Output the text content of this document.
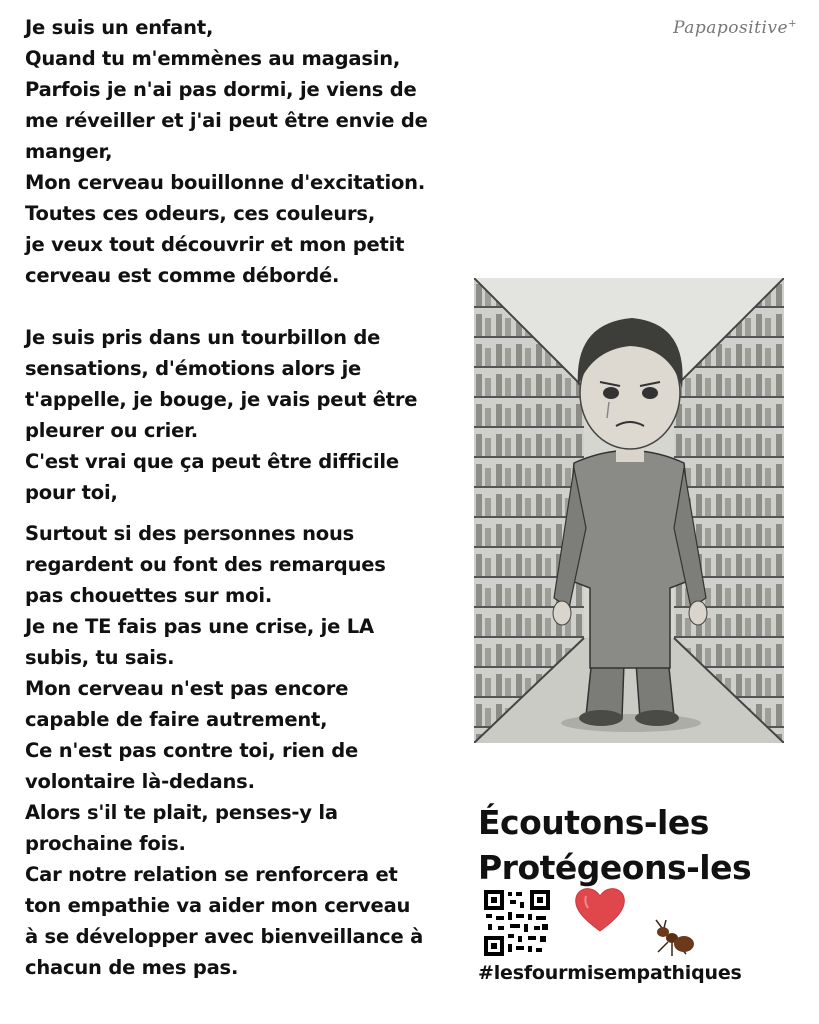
Je suis un enfant,

Quand tu m'emmènes au magasin,

Parfois je n'ai pas dormi, je viens de

me réveiller et j'ai peut être envie de

manger,

Mon cerveau bouillonne d'excitation.

Toutes ces odeurs, ces couleurs,

je veux tout découvrir et mon petit

cerveau est comme débordé.

Je suis pris dans un tourbillon de

sensations, d'émotions alors je

t'appelle, je bouge, je vais peut être

pleurer ou crier.

C'est vrai que ça peut être difficile

pour toi,

Surtout si des personnes nous

regardent ou font des remarques

pas chouettes sur moi.

Je ne TE fais pas une crise, je LA

subis, tu sais.

Mon cerveau n'est pas encore

capable de faire autrement,

Ce n'est pas contre toi, rien de

volontaire là-dedans.

Alors s'il te plait, penses-y la

prochaine fois.

Car notre relation se renforcera et

ton empathie va aider mon cerveau

à se développer avec bienveillance à

chacun de mes pas.

Papapositive+
Écoutons-les
Protégeons-les
#lesfourmisempathiques
